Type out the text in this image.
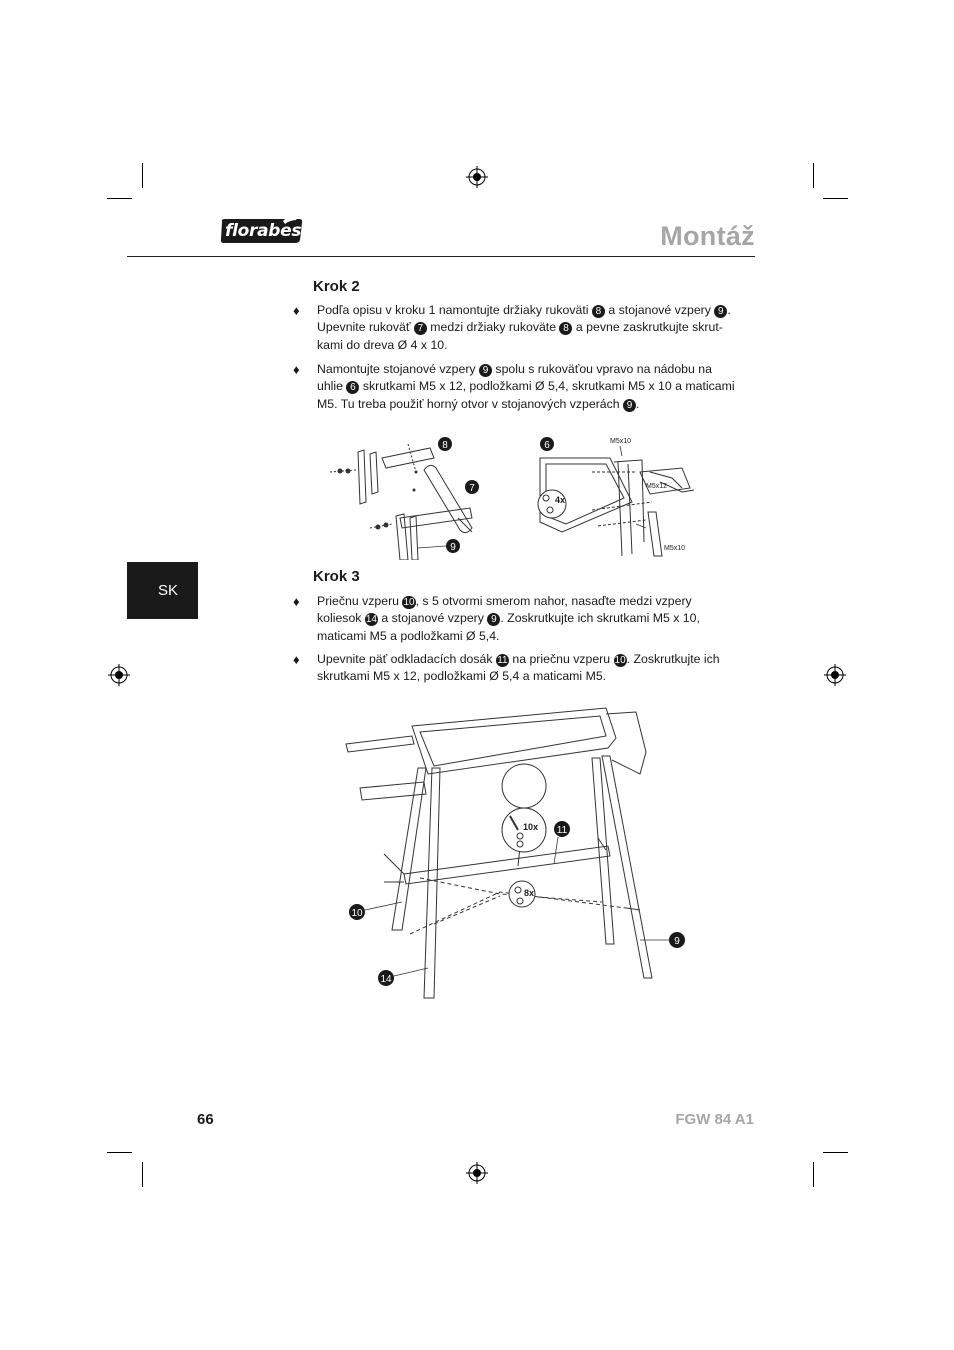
florabest	Montáž
SK
Krok 2
♦ Podľa opisu v kroku 1 namontujte držiaky rukoväti 8 a stojanové vzpery 9 . Upevnite rukoväť 7 medzi držiaky rukoväte 8 a pevne zaskrutkujte skrut-kami do dreva Ø 4 x 10.
♦ Namontujte stojanové vzpery 9 spolu s rukoväťou vpravo na nádobu na uhlie 6 skrutkami M5 x 12, podložkami Ø 5,4, skrutkami M5 x 10 a maticami M5. Tu treba použiť horný otvor v stojanových vzperách 9 .
8
7
9
4x
6	M5x10
M5x12
M5x10
Krok 3
♦ Priečnu vzperu 10, s 5 otvormi smerom nahor, nasaďte medzi vzpery koliesok 14 a stojanové vzpery 9 . Zoskrutkujte ich skrutkami M5 x 10, maticami M5 a podložkami Ø 5,4.
♦ Upevnite päť odkladacích dosák 11 na priečnu vzperu 10. Zoskrutkujte ich skrutkami M5 x 12, podložkami Ø 5,4 a maticami M5.
10x
8x
11
10
9
14
66	FGW 84 A1
